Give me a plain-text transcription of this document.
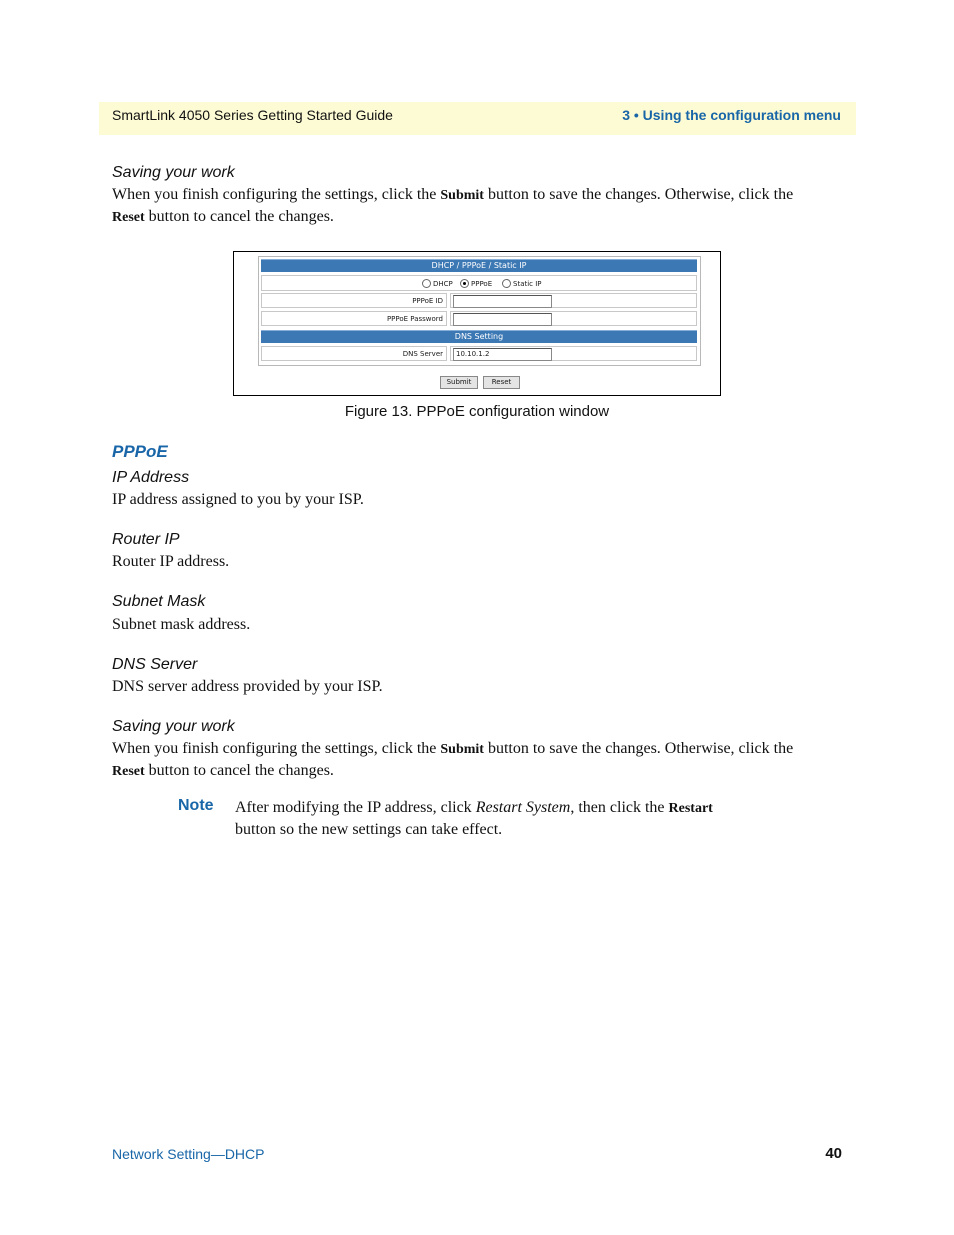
SmartLink 4050 Series Getting Started Guide	3 • Using the configuration menu
Saving your work
When you finish configuring the settings, click the Submit button to save the changes. Otherwise, click the
Reset button to cancel the changes.
DHCP / PPPoE / Static IP
DHCP	PPPoE	Static IP
PPPoE ID
PPPoE Password
DNS Setting
DNS Server	10.10.1.2
Submit	Reset
Figure 13. PPPoE configuration window
PPPoE
IP Address
IP address assigned to you by your ISP.
Router IP
Router IP address.
Subnet Mask
Subnet mask address.
DNS Server
DNS server address provided by your ISP.
Saving your work
When you finish configuring the settings, click the Submit button to save the changes. Otherwise, click the
Reset button to cancel the changes.
Note After modifying the IP address, click Restart System, then click the Restart
button so the new settings can take effect.
Network Setting—DHCP	40
